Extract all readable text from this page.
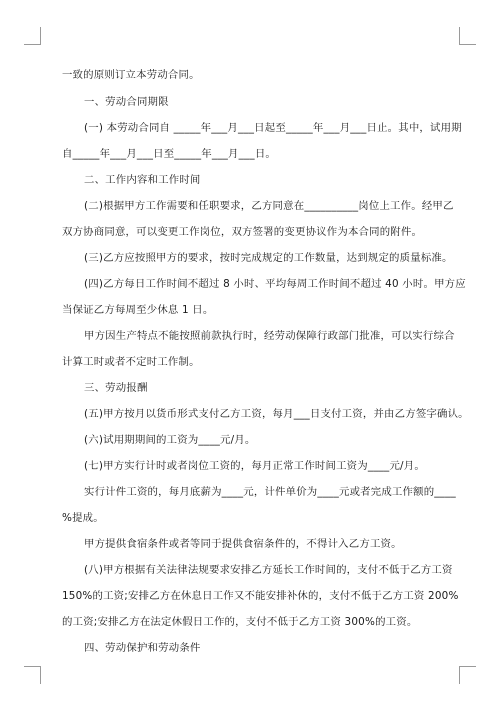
一致的原则订立本劳动合同。
一、劳动合同期限
(一) 本劳动合同自 _____年___月___日起至_____年___月___日止。其中，试用期
自_____年___月___日至_____年___月___日。
二、工作内容和工作时间
(二)根据甲方工作需要和任职要求，乙方同意在__________岗位上工作。经甲乙
双方协商同意，可以变更工作岗位，双方签署的变更协议作为本合同的附件。
(三)乙方应按照甲方的要求，按时完成规定的工作数量，达到规定的质量标准。
(四)乙方每日工作时间不超过 8 小时、平均每周工作时间不超过 40 小时。甲方应
当保证乙方每周至少休息 1 日。
甲方因生产特点不能按照前款执行时，经劳动保障行政部门批准，可以实行综合
计算工时或者不定时工作制。
三、劳动报酬
(五)甲方按月以货币形式支付乙方工资，每月___日支付工资，并由乙方签字确认。
(六)试用期期间的工资为____元/月。
(七)甲方实行计时或者岗位工资的，每月正常工作时间工资为____元/月。
实行计件工资的，每月底薪为____元，计件单价为____元或者完成工作额的____
%提成。
甲方提供食宿条件或者等同于提供食宿条件的，不得计入乙方工资。
(八)甲方根据有关法律法规要求安排乙方延长工作时间的，支付不低于乙方工资
150%的工资;安排乙方在休息日工作又不能安排补休的，支付不低于乙方工资 200%
的工资;安排乙方在法定休假日工作的，支付不低于乙方工资 300%的工资。
四、劳动保护和劳动条件
